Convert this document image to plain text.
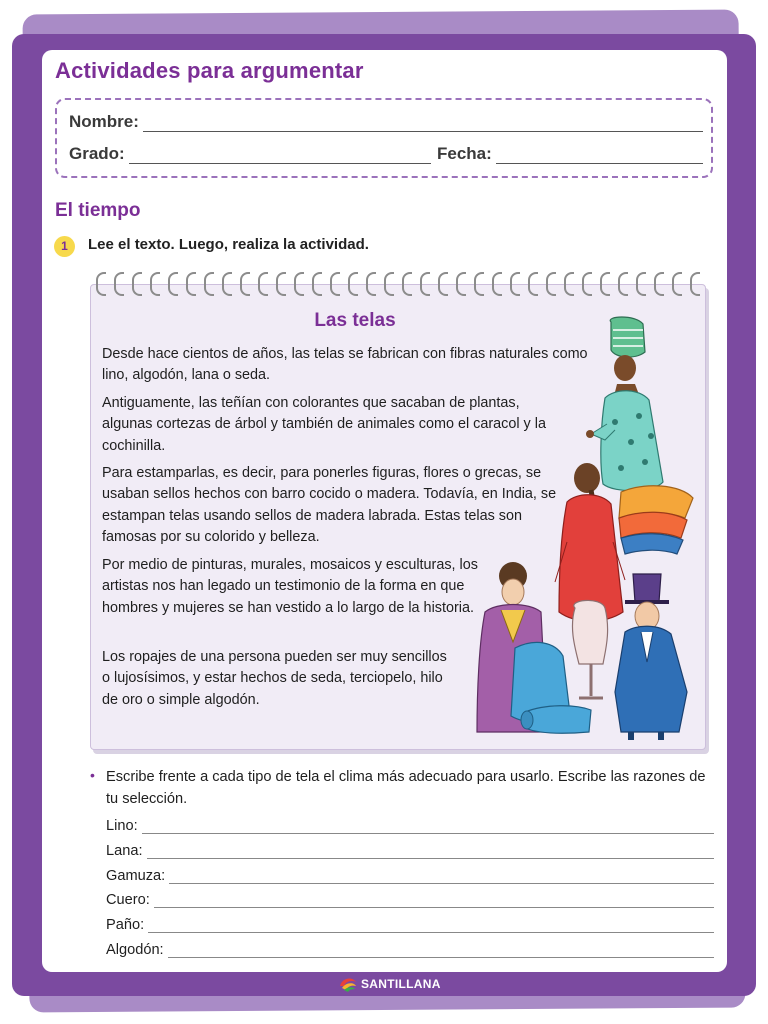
Actividades para argumentar
Nombre:
Grado:	Fecha:
El tiempo
1	Lee el texto. Luego, realiza la actividad.
Las telas

Desde hace cientos de años, las telas se fabrican con fibras naturales como lino, algodón, lana o seda.

Antiguamente, las teñían con colorantes que sacaban de plantas, algunas cortezas de árbol y también de animales como el caracol y la cochinilla.

Para estamparlas, es decir, para ponerles figuras, flores o grecas, se usaban sellos hechos con barro cocido o madera. Todavía, en India, se estampan telas usando sellos de madera labrada. Estas telas son famosas por su colorido y belleza.

Por medio de pinturas, murales, mosaicos y esculturas, los artistas nos han legado un testimonio de la forma en que hombres y mujeres se han vestido a lo largo de la historia.

Los ropajes de una persona pueden ser muy sencillos o lujosísimos, y estar hechos de seda, terciopelo, hilo de oro o simple algodón.

• Escribe frente a cada tipo de tela el clima más adecuado para usarlo. Escribe las razones de tu selección.

Lino:
Lana:
Gamuza:
Cuero:
Paño:
Algodón:
SANTILLANA
